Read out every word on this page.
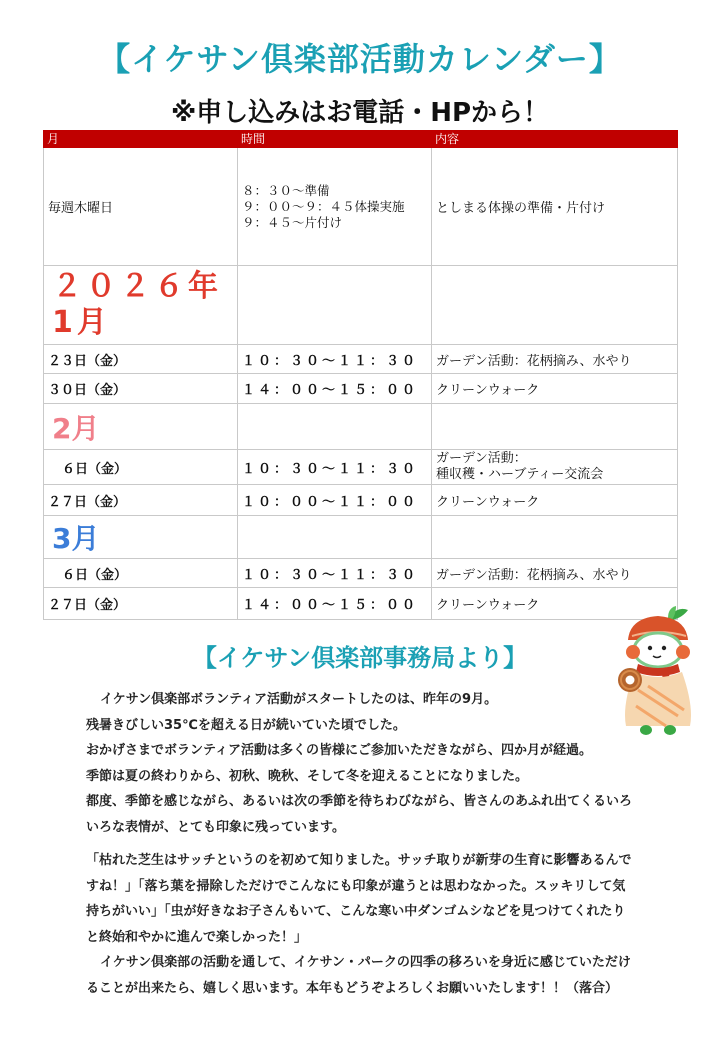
【イケサン倶楽部活動カレンダー】
※申し込みはお電話・HPから！
月	時間	内容
毎週木曜日	８：３０～準備
９：００～９：４５体操実施
９：４５～片付け	としまる体操の準備・片付け

２０２６年
1月		

２３日（金）	１０：３０～１１：３０	ガーデン活動：花柄摘み、水やり
３０日（金）	１４：００～１５：００	クリーンウォーク
2月		
６日（金）	１０：３０～１１：３０	ガーデン活動：
種収穫・ハーブティー交流会

２７日（金）	１０：００～１１：００	クリーンウォーク
3月		
６日（金）	１０：３０～１１：３０	ガーデン活動：花柄摘み、水やり
２７日（金）	１４：００～１５：００	クリーンウォーク
【イケサン倶楽部事務局より】
イケサン倶楽部ボランティア活動がスタートしたのは、昨年の9月。
残暑きびしい35℃を超える日が続いていた頃でした。
おかげさまでボランティア活動は多くの皆様にご参加いただきながら、四か月が経過。
季節は夏の終わりから、初秋、晩秋、そして冬を迎えることになりました。
都度、季節を感じながら、あるいは次の季節を待ちわびながら、皆さんのあふれ出てくるいろ
いろな表情が、とても印象に残っています。
「枯れた芝生はサッチというのを初めて知りました。サッチ取りが新芽の生育に影響あるんで
すね！」「落ち葉を掃除しただけでこんなにも印象が違うとは思わなかった。スッキリして気
持ちがいい」「虫が好きなお子さんもいて、こんな寒い中ダンゴムシなどを見つけてくれたり
と終始和やかに進んで楽しかった！」
イケサン倶楽部の活動を通して、イケサン・パークの四季の移ろいを身近に感じていただけ
ることが出来たら、嬉しく思います。本年もどうぞよろしくお願いいたします！！（落合）
